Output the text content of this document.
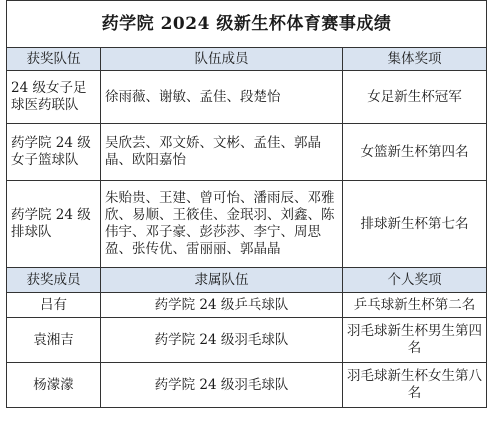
药学院 2024 级新生杯体育赛事成绩		
获奖队伍	队伍成员	集体奖项
24 级女子足球医药联队	徐雨薇、谢敏、孟佳、段楚怡	女足新生杯冠军
药学院 24 级女子篮球队	吴欣芸、邓文娇、文彬、孟佳、郭晶晶、欧阳嘉怡	女篮新生杯第四名
药学院 24 级排球队	朱贻贵、王建、曾可怡、潘雨辰、邓雅欣、易顺、王筱佳、金珉羽、刘鑫、陈伟宇、邓子豪、彭莎莎、李宁、周思盈、张传优、雷丽丽、郭晶晶	排球新生杯第七名
获奖成员	隶属队伍	个人奖项
吕有	药学院 24 级乒乓球队	乒乓球新生杯第二名
袁湘吉	药学院 24 级羽毛球队	羽毛球新生杯男生第四名
杨濛濛	药学院 24 级羽毛球队	羽毛球新生杯女生第八名
